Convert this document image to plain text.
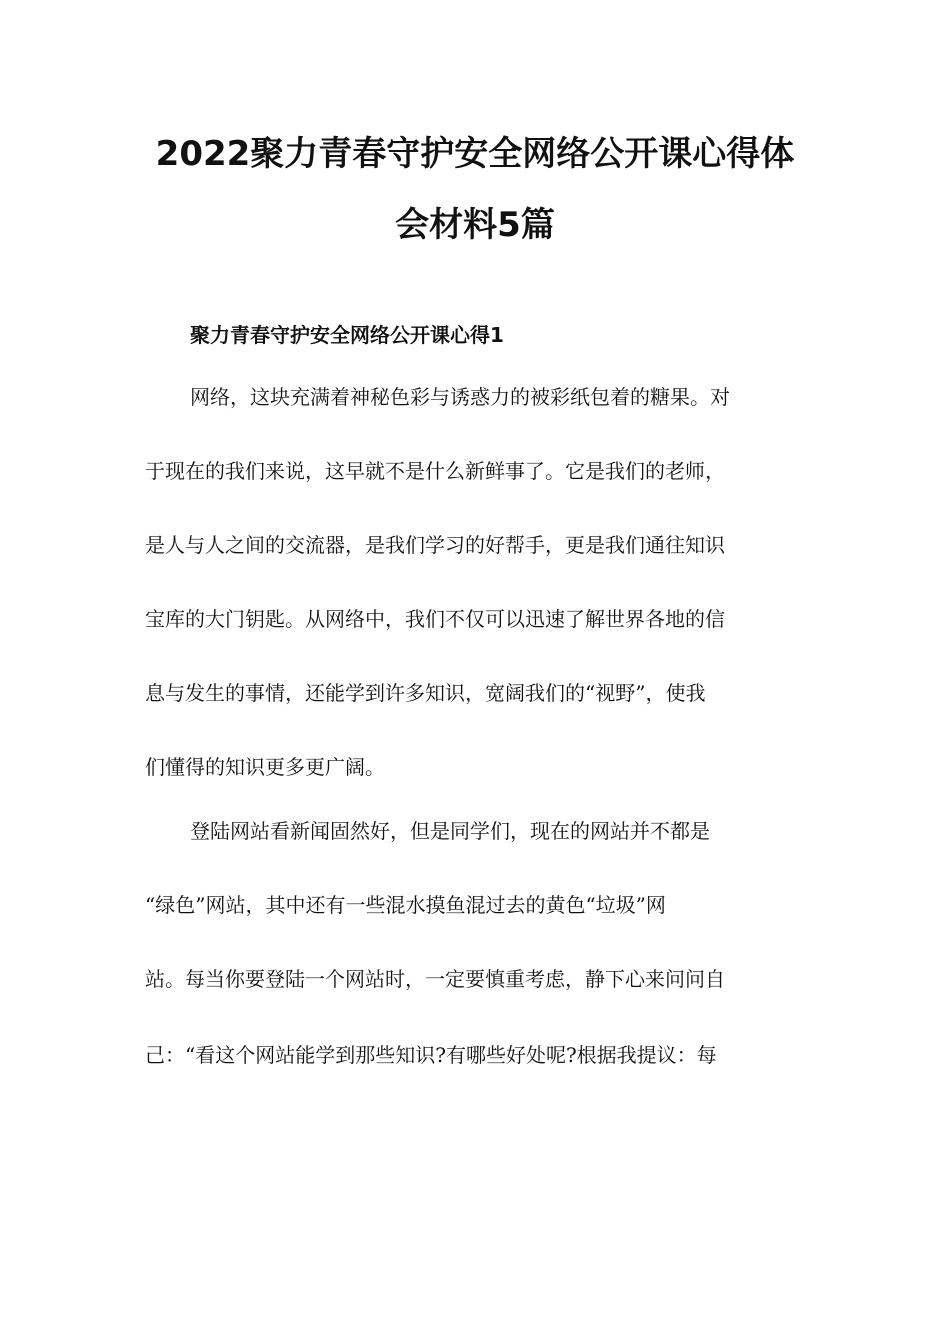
2022聚力青春守护安全网络公开课心得体
会材料5篇
聚力青春守护安全网络公开课心得1
网络，这块充满着神秘色彩与诱惑力的被彩纸包着的糖果。对
于现在的我们来说，这早就不是什么新鲜事了。它是我们的老师，
是人与人之间的交流器，是我们学习的好帮手，更是我们通往知识
宝库的大门钥匙。从网络中，我们不仅可以迅速了解世界各地的信
息与发生的事情，还能学到许多知识，宽阔我们的“视野”，使我
们懂得的知识更多更广阔。
登陆网站看新闻固然好，但是同学们，现在的网站并不都是
“绿色”网站，其中还有一些混水摸鱼混过去的黄色“垃圾”网
站。每当你要登陆一个网站时，一定要慎重考虑，静下心来问问自
己：“看这个网站能学到那些知识?有哪些好处呢?根据我提议：每
